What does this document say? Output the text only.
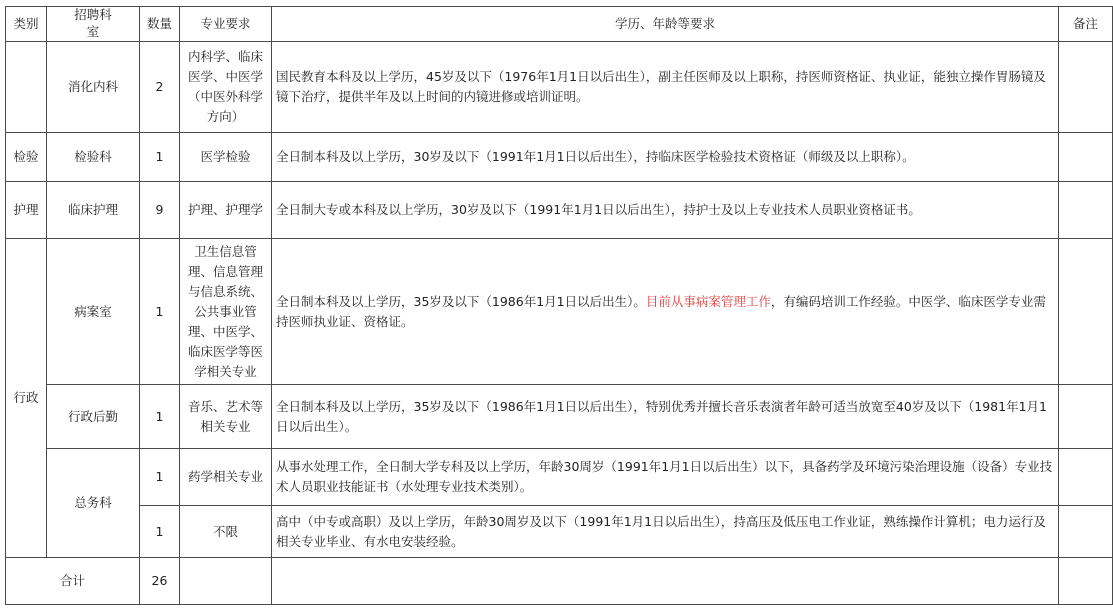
类别	招聘科室	数量	专业要求	学历、年龄等要求	备注

	消化内科	2	内科学、临床医学、中医学（中医外科学方向）	国民教育本科及以上学历，45岁及以下（1976年1月1日以后出生），副主任医师及以上职称，持医师资格证、执业证，能独立操作胃肠镜及镜下治疗，提供半年及以上时间的内镜进修或培训证明。	
检验	检验科	1	医学检验	全日制本科及以上学历，30岁及以下（1991年1月1日以后出生），持临床医学检验技术资格证（师级及以上职称）。	
护理	临床护理	9	护理、护理学	全日制大专或本科及以上学历，30岁及以下（1991年1月1日以后出生），持护士及以上专业技术人员职业资格证书。	
行政	病案室	1	卫生信息管理、信息管理与信息系统、公共事业管理、中医学、临床医学等医学相关专业	全日制本科及以上学历，35岁及以下（1986年1月1日以后出生）。目前从事病案管理工作，有编码培训工作经验。中医学、临床医学专业需持医师执业证、资格证。	

	行政后勤	1	音乐、艺术等相关专业	全日制本科及以上学历，35岁及以下（1986年1月1日以后出生），特别优秀并擅长音乐表演者年龄可适当放宽至40岁及以下（1981年1月1日以后出生）。	
	总务科	1	药学相关专业	从事水处理工作，全日制大学专科及以上学历，年龄30周岁（1991年1月1日以后出生）以下，具备药学及环境污染治理设施（设备）专业技术人员职业技能证书（水处理专业技术类别）。	
		1	不限	高中（中专或高职）及以上学历，年龄30周岁及以下（1991年1月1日以后出生），持高压及低压电工作业证，熟练操作计算机；电力运行及相关专业毕业、有水电安装经验。	
合计		26			
